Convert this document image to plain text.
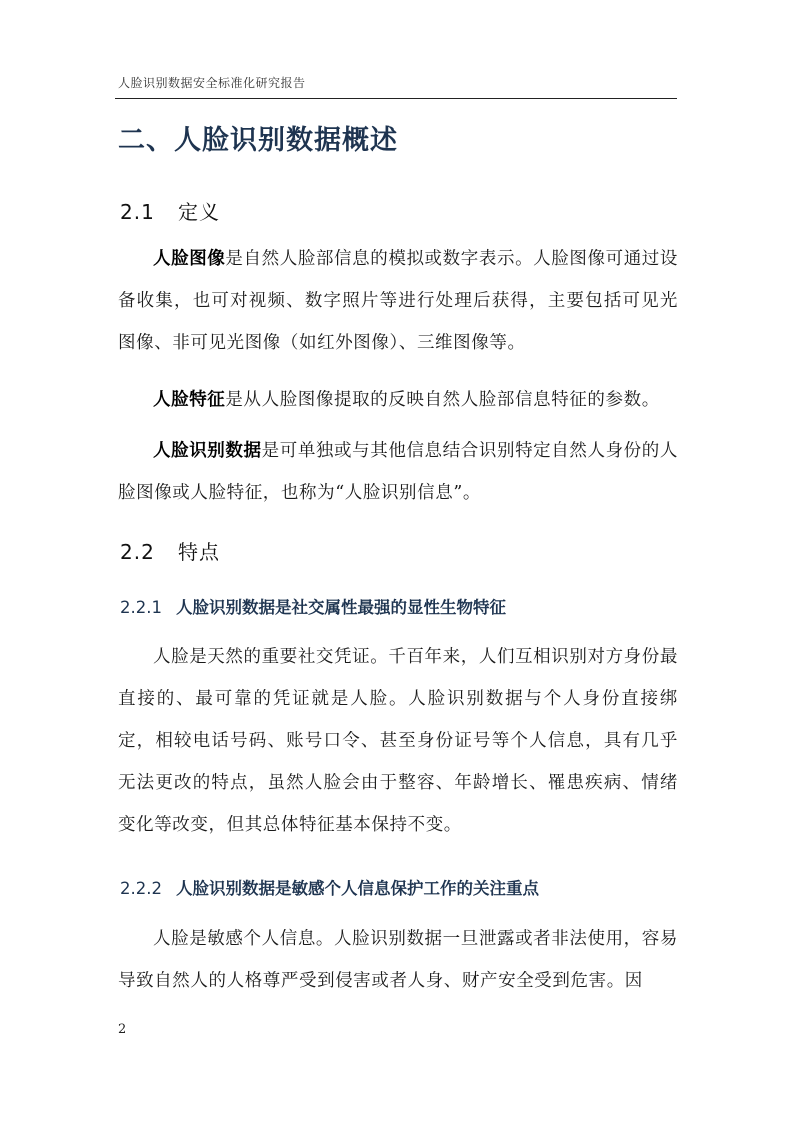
人脸识别数据安全标准化研究报告
二、人脸识别数据概述
2.1 定义
人脸图像是自然人脸部信息的模拟或数字表示。人脸图像可通过设备收集，也可对视频、数字照片等进行处理后获得，主要包括可见光图像、非可见光图像（如红外图像）、三维图像等。
人脸特征是从人脸图像提取的反映自然人脸部信息特征的参数。
人脸识别数据是可单独或与其他信息结合识别特定自然人身份的人脸图像或人脸特征，也称为“人脸识别信息”。
2.2 特点
2.2.1 人脸识别数据是社交属性最强的显性生物特征
人脸是天然的重要社交凭证。千百年来，人们互相识别对方身份最直接的、最可靠的凭证就是人脸。人脸识别数据与个人身份直接绑定，相较电话号码、账号口令、甚至身份证号等个人信息，具有几乎无法更改的特点，虽然人脸会由于整容、年龄增长、罹患疾病、情绪变化等改变，但其总体特征基本保持不变。
2.2.2 人脸识别数据是敏感个人信息保护工作的关注重点
人脸是敏感个人信息。人脸识别数据一旦泄露或者非法使用，容易导致自然人的人格尊严受到侵害或者人身、财产安全受到危害。因
2
